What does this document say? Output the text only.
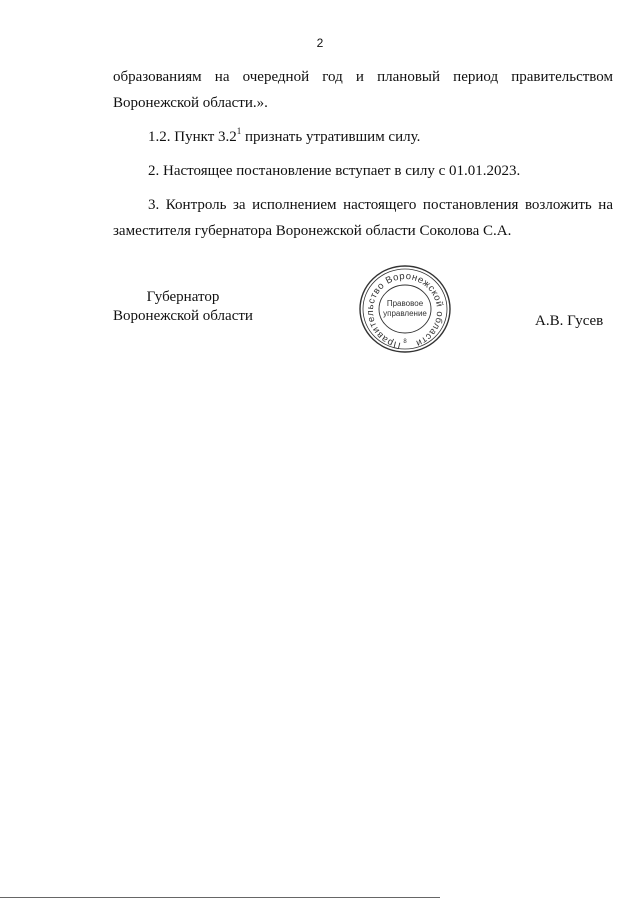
2

образованиям на очередной год и плановый период правительством

Воронежской области.».

1.2. Пункт $3.2^1$ признать утратившим силу.

2. Настоящее постановление вступает в силу с 01.01.2023.

3. Контроль за исполнением настоящего постановления возложить на

заместителя губернатора Воронежской области Соколова С.А.

Губернатор
Воронежской области
Правительство Воронежской области
Правовое
управление
8
А.В. Гусев
